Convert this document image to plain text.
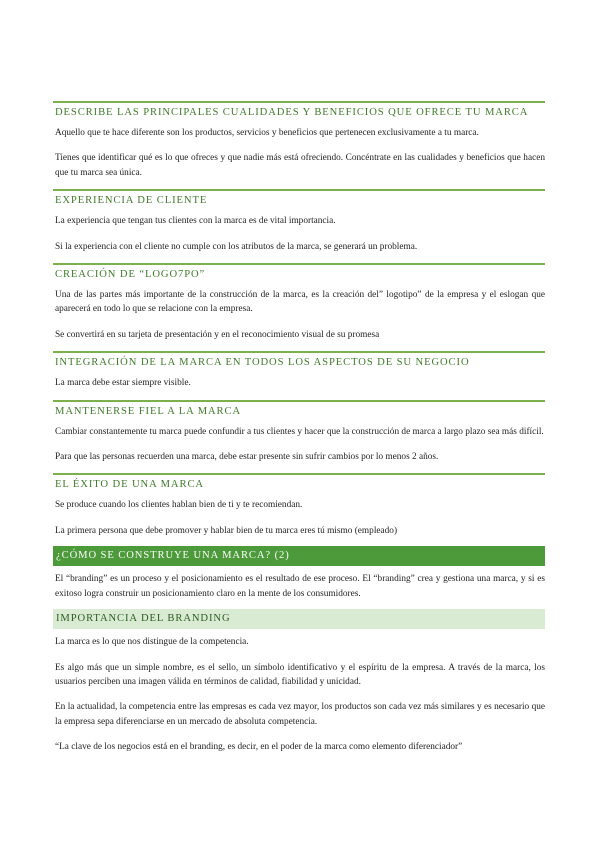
DESCRIBE LAS PRINCIPALES CUALIDADES Y BENEFICIOS QUE OFRECE TU MARCA

Aquello que te hace diferente son los productos, servicios y beneficios que pertenecen exclusivamente a tu marca.

Tienes que identificar qué es lo que ofreces y que nadie más está ofreciendo. Concéntrate en las cualidades y beneficios que hacen que tu marca sea única.

EXPERIENCIA DE CLIENTE

La experiencia que tengan tus clientes con la marca es de vital importancia.

Si la experiencia con el cliente no cumple con los atributos de la marca, se generará un problema.

CREACIÓN DE “LOGO7PO”

Una de las partes más importante de la construcción de la marca, es la creación del” logotipo” de la empresa y el eslogan que aparecerá en todo lo que se relacione con la empresa.

Se convertirá en su tarjeta de presentación y en el reconocimiento visual de su promesa

INTEGRACIÓN DE LA MARCA EN TODOS LOS ASPECTOS DE SU NEGOCIO

La marca debe estar siempre visible.

MANTENERSE FIEL A LA MARCA

Cambiar constantemente tu marca puede confundir a tus clientes y hacer que la construcción de marca a largo plazo sea más difícil.

Para que las personas recuerden una marca, debe estar presente sin sufrir cambios por lo menos 2 años.

EL ÉXITO DE UNA MARCA

Se produce cuando los clientes hablan bien de ti y te recomiendan.

La primera persona que debe promover y hablar bien de tu marca eres tú mismo (empleado)

¿CÓMO SE CONSTRUYE UNA MARCA? (2)

El “branding” es un proceso y el posicionamiento es el resultado de ese proceso. El “branding” crea y gestiona una marca, y si es exitoso logra construir un posicionamiento claro en la mente de los consumidores.

IMPORTANCIA DEL BRANDING

La marca es lo que nos distingue de la competencia.

Es algo más que un simple nombre, es el sello, un símbolo identificativo y el espíritu de la empresa. A través de la marca, los usuarios perciben una imagen válida en términos de calidad, fiabilidad y unicidad.

En la actualidad, la competencia entre las empresas es cada vez mayor, los productos son cada vez más similares y es necesario que la empresa sepa diferenciarse en un mercado de absoluta competencia.

“La clave de los negocios está en el branding, es decir, en el poder de la marca como elemento diferenciador”
